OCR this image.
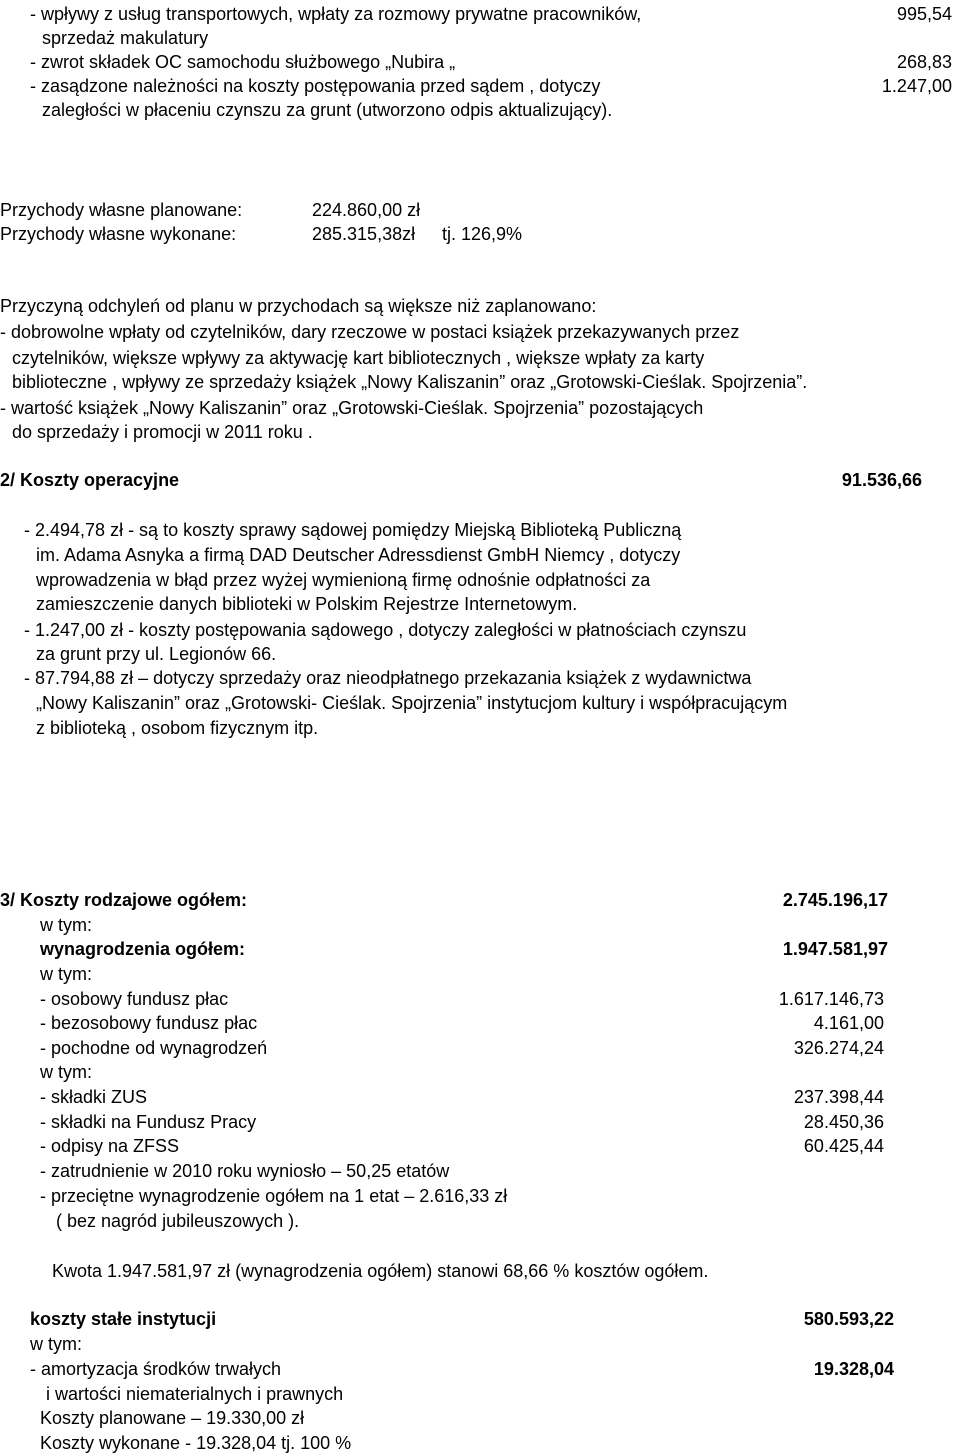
- wpływy z usług transportowych, wpłaty za rozmowy prywatne pracowników,	995,54
sprzedaż makulatury
- zwrot składek OC samochodu służbowego „Nubira „	268,83
- zasądzone należności na koszty postępowania przed sądem , dotyczy	1.247,00
zaległości w płaceniu czynszu za grunt (utworzono odpis aktualizujący).
Przychody własne planowane:	224.860,00 zł
Przychody własne wykonane:	285.315,38zł tj. 126,9%
Przyczyną odchyleń od planu w przychodach są większe niż zaplanowano:
- dobrowolne wpłaty od czytelników, dary rzeczowe w postaci książek przekazywanych przez
czytelników, większe wpływy za aktywację kart bibliotecznych , większe wpłaty za karty
biblioteczne , wpływy ze sprzedaży książek „Nowy Kaliszanin” oraz „Grotowski-Cieślak. Spojrzenia”.
- wartość książek „Nowy Kaliszanin” oraz „Grotowski-Cieślak. Spojrzenia” pozostających
do sprzedaży i promocji w 2011 roku .
2/ Koszty operacyjne	91.536,66
- 2.494,78 zł - są to koszty sprawy sądowej pomiędzy Miejską Biblioteką Publiczną
im. Adama Asnyka a firmą DAD Deutscher Adressdienst GmbH Niemcy , dotyczy
wprowadzenia w błąd przez wyżej wymienioną firmę odnośnie odpłatności za
zamieszczenie danych biblioteki w Polskim Rejestrze Internetowym.
- 1.247,00 zł - koszty postępowania sądowego , dotyczy zaległości w płatnościach czynszu
za grunt przy ul. Legionów 66.
- 87.794,88 zł – dotyczy sprzedaży oraz nieodpłatnego przekazania książek z wydawnictwa
„Nowy Kaliszanin” oraz „Grotowski- Cieślak. Spojrzenia” instytucjom kultury i współpracującym
z biblioteką , osobom fizycznym itp.
3/ Koszty rodzajowe ogółem:	2.745.196,17
w tym:
wynagrodzenia ogółem:	1.947.581,97
w tym:
- osobowy fundusz płac	1.617.146,73
- bezosobowy fundusz płac	4.161,00
- pochodne od wynagrodzeń	326.274,24
w tym:
- składki ZUS	237.398,44
- składki na Fundusz Pracy	28.450,36
- odpisy na ZFSS	60.425,44
- zatrudnienie w 2010 roku wyniosło – 50,25 etatów
- przeciętne wynagrodzenie ogółem na 1 etat – 2.616,33 zł
( bez nagród jubileuszowych ).
Kwota 1.947.581,97 zł (wynagrodzenia ogółem) stanowi 68,66 % kosztów ogółem.
koszty stałe instytucji	580.593,22
w tym:
- amortyzacja środków trwałych	19.328,04
i wartości niematerialnych i prawnych
Koszty planowane – 19.330,00 zł
Koszty wykonane - 19.328,04 tj. 100 %
